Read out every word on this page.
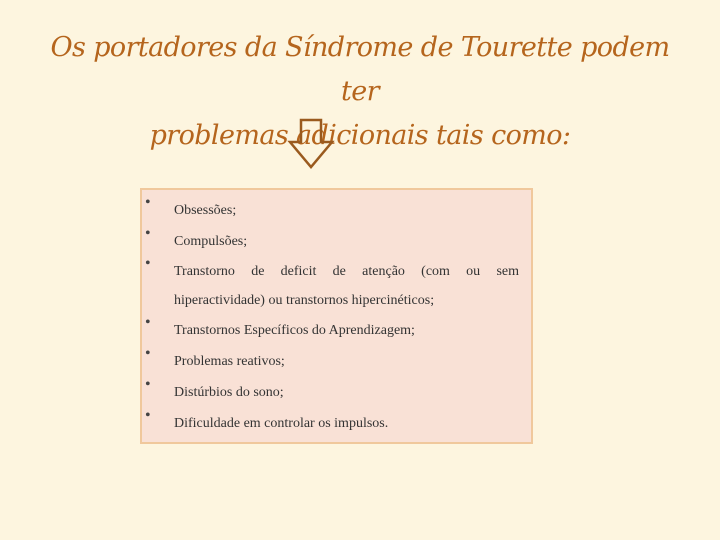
Os portadores da Síndrome de Tourette podem ter
problemas adicionais tais como:
• Obsessões;
• Compulsões;
• Transtorno de deficit de atenção (com ou sem
hiperactividade) ou transtornos hipercinéticos;
• Transtornos Específicos do Aprendizagem;
• Problemas reativos;
• Distúrbios do sono;
• Dificuldade em controlar os impulsos.
